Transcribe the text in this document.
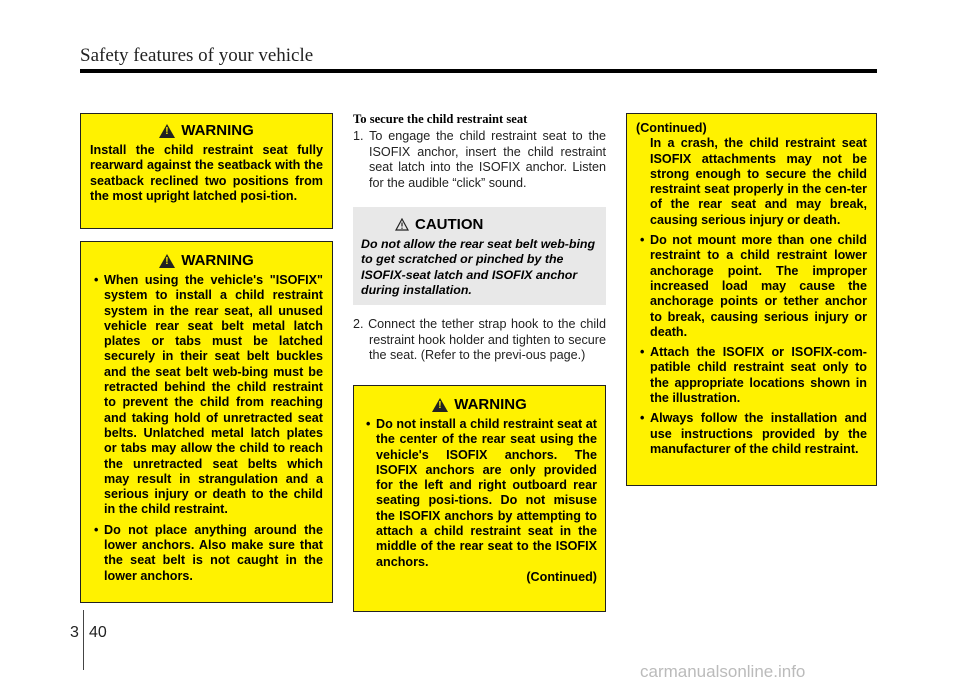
Safety features of your vehicle
!
WARNING
Install the child restraint seat fully rearward against the seatback with the seatback reclined two positions from the most upright latched posi-tion.
!
WARNING
• When using the vehicle's "ISOFIX" system to install a child restraint system in the rear seat, all unused vehicle rear seat belt metal latch plates or tabs must be latched securely in their seat belt buckles and the seat belt web-bing must be retracted behind the child restraint to prevent the child from reaching and taking hold of unretracted seat belts. Unlatched metal latch plates or tabs may allow the child to reach the unretracted seat belts which may result in strangulation and a serious injury or death to the child in the child restraint.
• Do not place anything around the lower anchors. Also make sure that the seat belt is not caught in the lower anchors.
To secure the child restraint seat
1. To engage the child restraint seat to the ISOFIX anchor, insert the child restraint seat latch into the ISOFIX anchor. Listen for the audible “click” sound.
CAUTION
Do not allow the rear seat belt web-bing to get scratched or pinched by the ISOFIX-seat latch and ISOFIX anchor during installation.
2. Connect the tether strap hook to the child restraint hook holder and tighten to secure the seat. (Refer to the previ-ous page.)
!
WARNING
• Do not install a child restraint seat at the center of the rear seat using the vehicle's ISOFIX anchors. The ISOFIX anchors are only provided for the left and right outboard rear seating posi-tions. Do not misuse the ISOFIX anchors by attempting to attach a child restraint seat in the middle of the rear seat to the ISOFIX anchors.
(Continued)
(Continued)
In a crash, the child restraint seat ISOFIX attachments may not be strong enough to secure the child restraint seat properly in the cen-ter of the rear seat and may break, causing serious injury or death.
• Do not mount more than one child restraint to a child restraint lower anchorage point. The improper increased load may cause the anchorage points or tether anchor to break, causing serious injury or death.
• Attach the ISOFIX or ISOFIX-com-patible child restraint seat only to the appropriate locations shown in the illustration.
• Always follow the installation and use instructions provided by the manufacturer of the child restraint.
3 40
carmanualsonline.info
